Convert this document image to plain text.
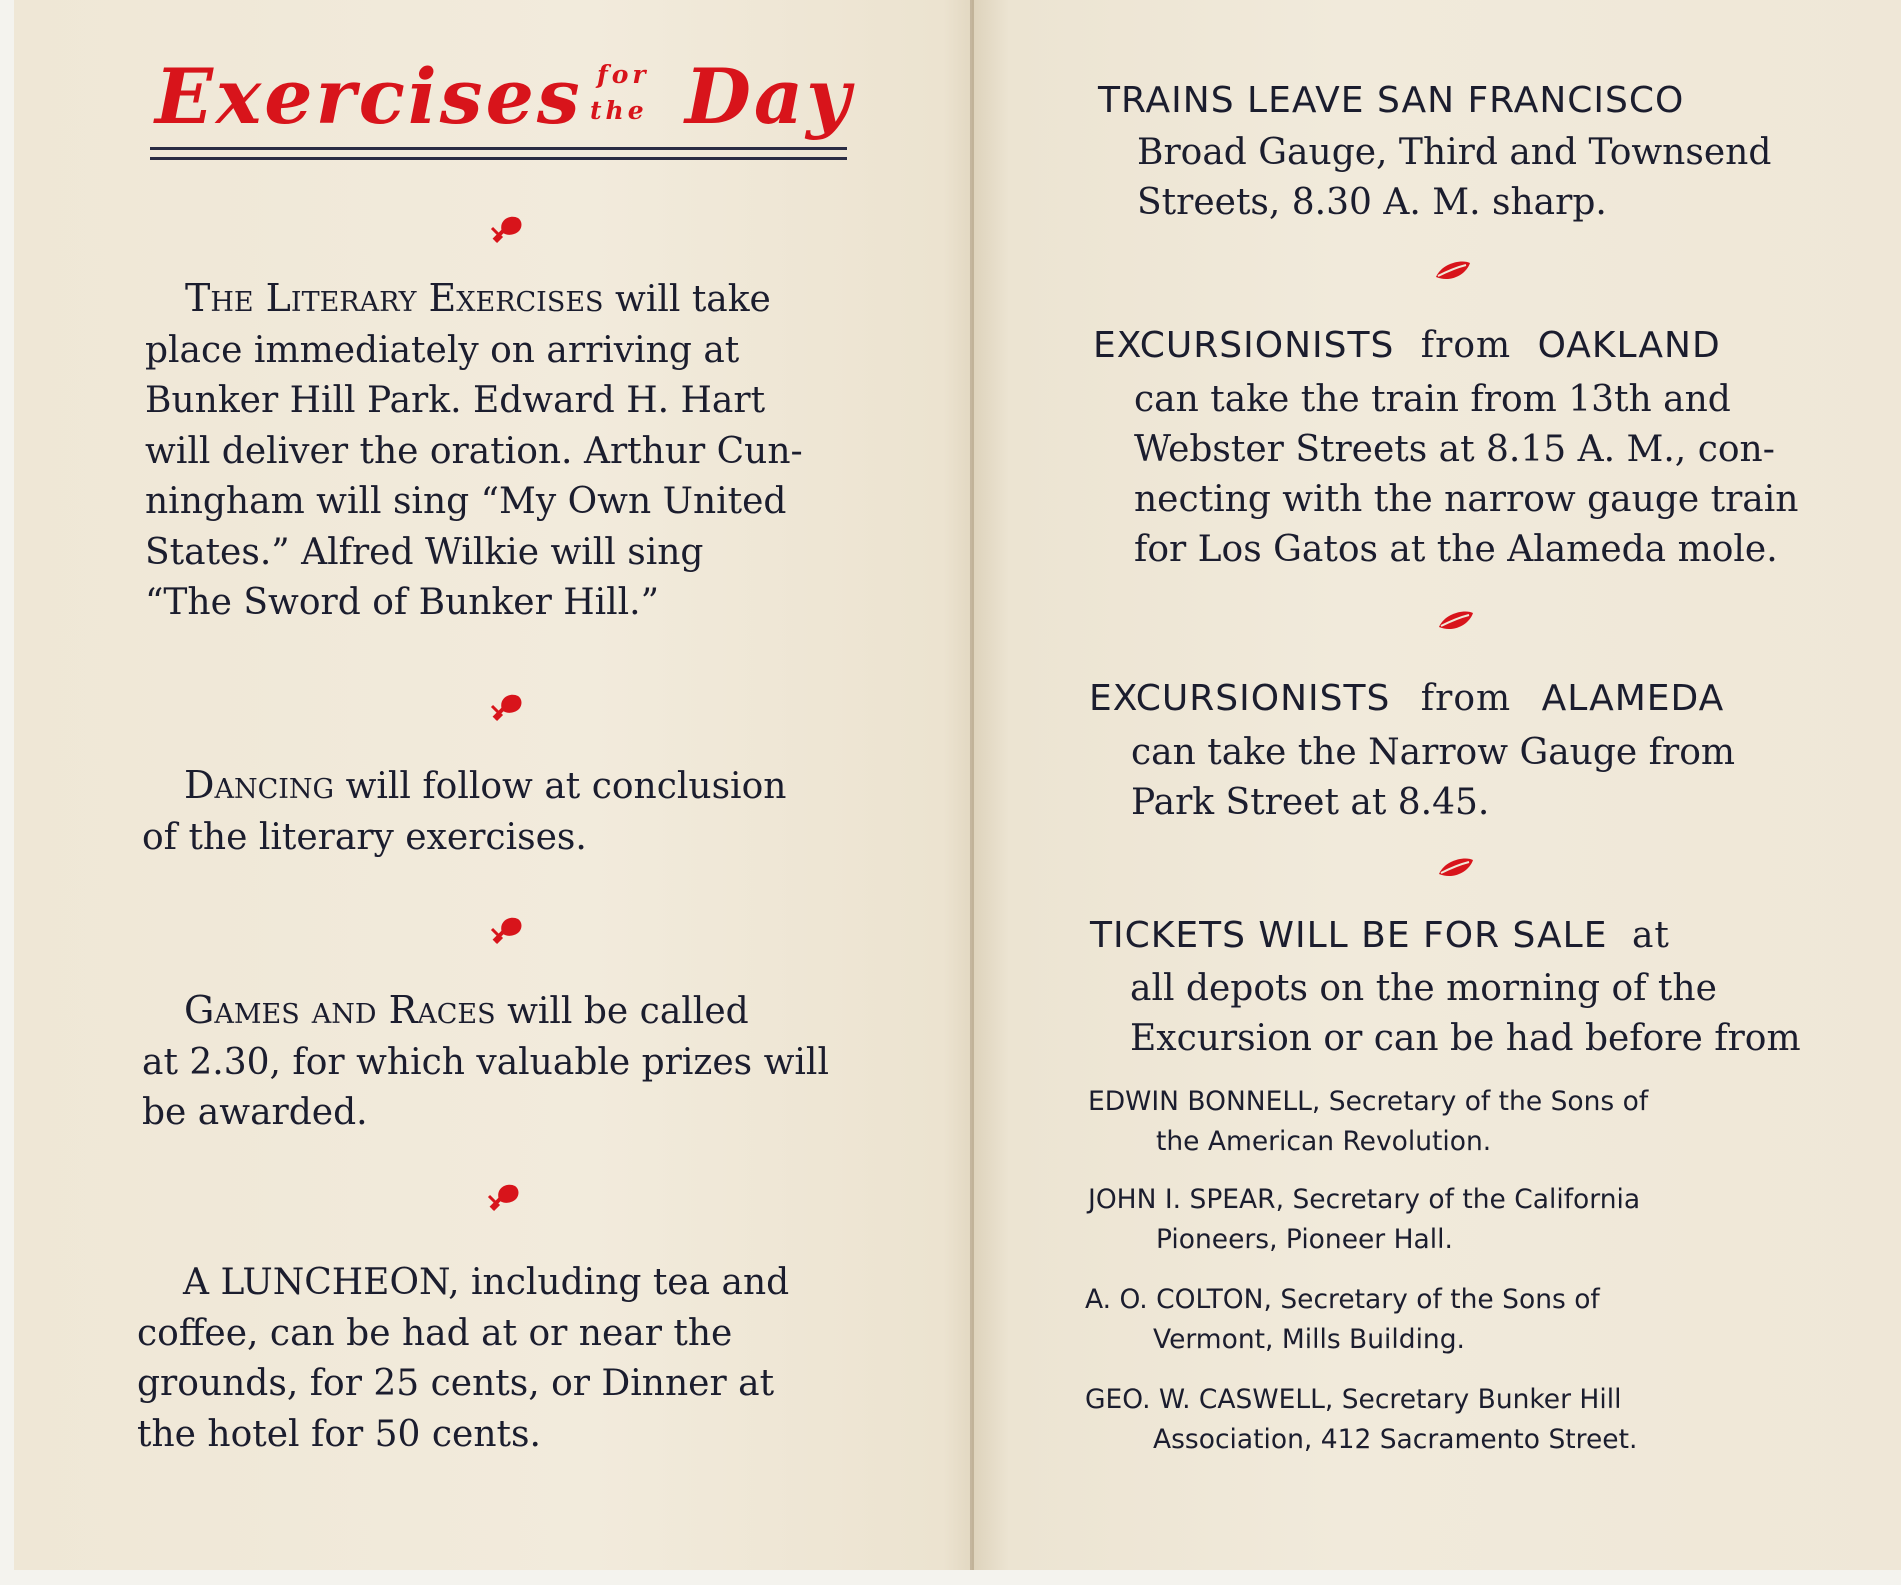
Exercises for
the Day
The Literary Exercises will take
place immediately on arriving at
Bunker Hill Park. Edward H. Hart
will deliver the oration. Arthur Cun-
ningham will sing “My Own United
States.” Alfred Wilkie will sing
“The Sword of Bunker Hill.”
Dancing will follow at conclusion
of the literary exercises.
Games and Races will be called
at 2.30, for which valuable prizes will
be awarded.
A LUNCHEON, including tea and
coffee, can be had at or near the
grounds, for 25 cents, or Dinner at
the hotel for 50 cents.
TRAINS LEAVE SAN FRANCISCO
Broad Gauge, Third and Townsend
Streets, 8.30 A. M. sharp.
EXCURSIONISTS from OAKLAND
can take the train from 13th and
Webster Streets at 8.15 A. M., con-
necting with the narrow gauge train
for Los Gatos at the Alameda mole.
EXCURSIONISTS from ALAMEDA
can take the Narrow Gauge from
Park Street at 8.45.
TICKETS WILL BE FOR SALE at
all depots on the morning of the
Excursion or can be had before from
EDWIN BONNELL, Secretary of the Sons of
the American Revolution.
JOHN I. SPEAR, Secretary of the California
Pioneers, Pioneer Hall.
A. O. COLTON, Secretary of the Sons of
Vermont, Mills Building.
GEO. W. CASWELL, Secretary Bunker Hill
Association, 412 Sacramento Street.
